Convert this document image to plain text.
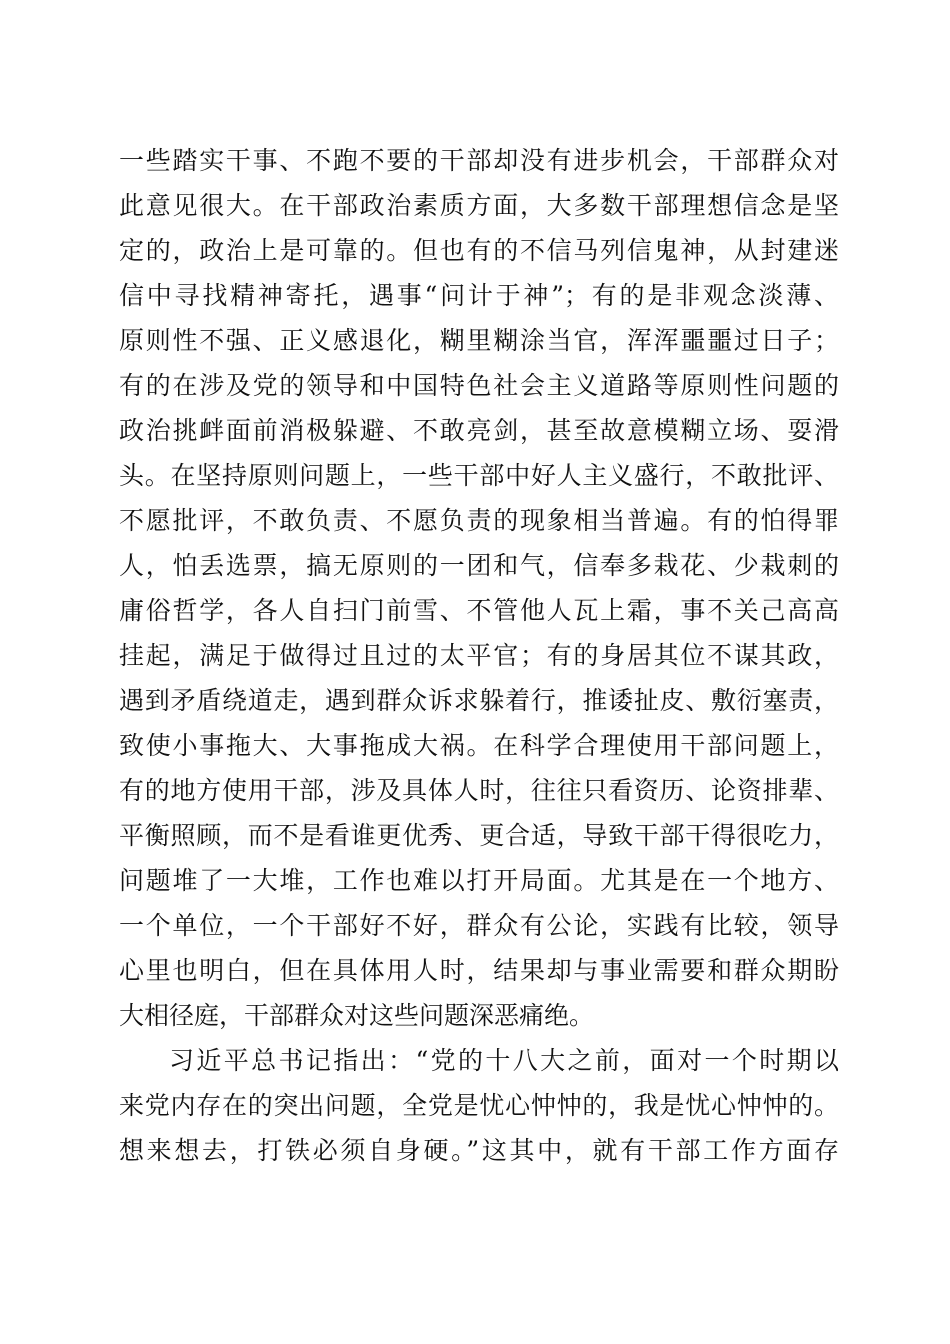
一些踏实干事、不跑不要的干部却没有进步机会，干部群众对
此意见很大。在干部政治素质方面，大多数干部理想信念是坚
定的，政治上是可靠的。但也有的不信马列信鬼神，从封建迷
信中寻找精神寄托，遇事“问计于神”；有的是非观念淡薄、
原则性不强、正义感退化，糊里糊涂当官，浑浑噩噩过日子；
有的在涉及党的领导和中国特色社会主义道路等原则性问题的
政治挑衅面前消极躲避、不敢亮剑，甚至故意模糊立场、耍滑
头。在坚持原则问题上，一些干部中好人主义盛行，不敢批评、
不愿批评，不敢负责、不愿负责的现象相当普遍。有的怕得罪
人，怕丢选票，搞无原则的一团和气，信奉多栽花、少栽刺的
庸俗哲学，各人自扫门前雪、不管他人瓦上霜，事不关己高高
挂起，满足于做得过且过的太平官；有的身居其位不谋其政，
遇到矛盾绕道走，遇到群众诉求躲着行，推诿扯皮、敷衍塞责，
致使小事拖大、大事拖成大祸。在科学合理使用干部问题上，
有的地方使用干部，涉及具体人时，往往只看资历、论资排辈、
平衡照顾，而不是看谁更优秀、更合适，导致干部干得很吃力，
问题堆了一大堆，工作也难以打开局面。尤其是在一个地方、
一个单位，一个干部好不好，群众有公论，实践有比较，领导
心里也明白，但在具体用人时，结果却与事业需要和群众期盼
大相径庭，干部群众对这些问题深恶痛绝。
习近平总书记指出：“党的十八大之前，面对一个时期以
来党内存在的突出问题，全党是忧心忡忡的，我是忧心忡忡的。
想来想去，打铁必须自身硬。”这其中，就有干部工作方面存
